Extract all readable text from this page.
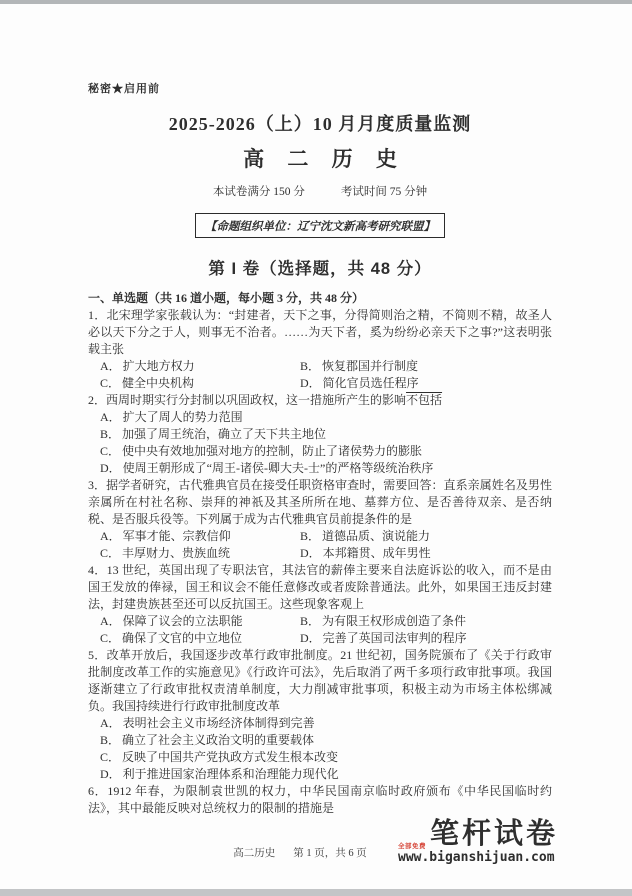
秘密★启用前
2025-2026（上）10 月月度质量监测
高 二 历 史
本试卷满分 150 分	考试时间 75 分钟
【命题组织单位：辽宁沈文新高考研究联盟】
第 I 卷（选择题，共 48 分）
一、单选题（共 16 道小题，每小题 3 分，共 48 分）
1．北宋理学家张载认为：“封建者，天下之事，分得简则治之精，不简则不精，故圣人必以天下分之于人，则事无不治者。……为天下者，奚为纷纷必亲天下之事?”这表明张载主张
A． 扩大地方权力	B． 恢复郡国并行制度
C． 健全中央机构	D． 简化官员选任程序
2．西周时期实行分封制以巩固政权，这一措施所产生的影响不包括
A． 扩大了周人的势力范围
B． 加强了周王统治，确立了天下共主地位
C． 使中央有效地加强对地方的控制，防止了诸侯势力的膨胀
D． 使周王朝形成了“周王-诸侯-卿大夫-士”的严格等级统治秩序
3．据学者研究，古代雅典官员在接受任职资格审查时，需要回答：直系亲属姓名及男性亲属所在村社名称、崇拜的神祇及其圣所所在地、墓葬方位、是否善待双亲、是否纳税、是否服兵役等。下列属于成为古代雅典官员前提条件的是
A． 军事才能、宗教信仰	B． 道德品质、演说能力
C． 丰厚财力、贵族血统	D． 本邦籍贯、成年男性
4．13 世纪，英国出现了专职法官，其法官的薪俸主要来自法庭诉讼的收入，而不是由国王发放的俸禄，国王和议会不能任意修改或者废除普通法。此外，如果国王违反封建法，封建贵族甚至还可以反抗国王。这些现象客观上
A． 保障了议会的立法职能	B． 为有限王权形成创造了条件
C． 确保了文官的中立地位	D． 完善了英国司法审判的程序
5．改革开放后，我国逐步改革行政审批制度。21 世纪初，国务院颁布了《关于行政审批制度改革工作的实施意见》《行政许可法》，先后取消了两千多项行政审批事项。我国逐渐建立了行政审批权责清单制度，大力削减审批事项，积极主动为市场主体松绑减负。我国持续进行行政审批制度改革
A． 表明社会主义市场经济体制得到完善
B． 确立了社会主义政治文明的重要载体
C． 反映了中国共产党执政方式发生根本改变
D． 利于推进国家治理体系和治理能力现代化
6．1912 年春，为限制袁世凯的权力，中华民国南京临时政府颁布《中华民国临时约法》，其中最能反映对总统权力的限制的措施是
高二历史 第 1 页，共 6 页
笔杆试卷
全部免费
www.biganshijuan.com
